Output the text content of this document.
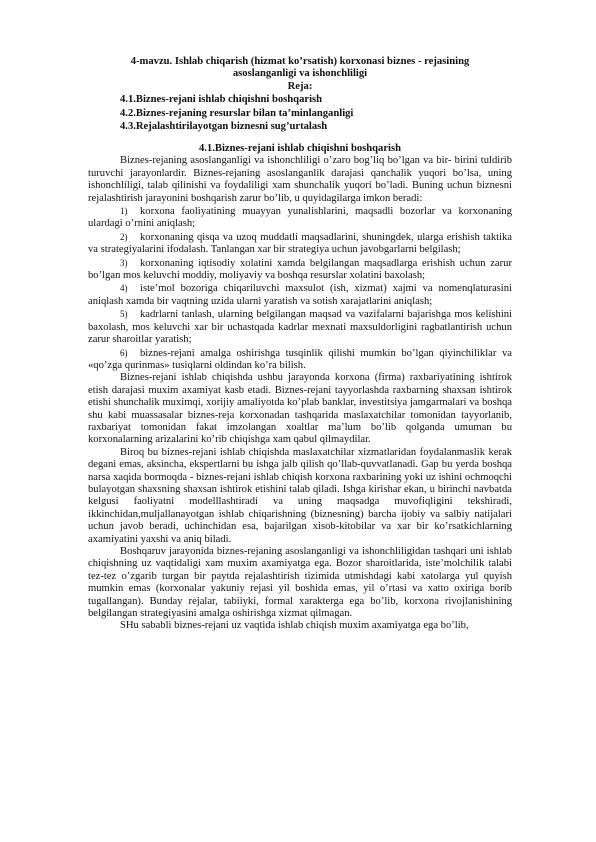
4-mavzu. Ishlab chiqarish (hizmat ko’rsatish) korxonasi biznes - rejasining asoslanganligi va ishonchliligi

Reja:

4.1.Biznes-rejani ishlab chiqishni boshqarish
4.2.Biznes-rejaning resurslar bilan ta’minlanganligi
4.3.Rejalashtirilayotgan biznesni sug’urtalash

4.1.Biznes-rejani ishlab chiqishni boshqarish

Biznes-rejaning asoslanganligi va ishonchliligi o’zaro bog’liq bo’lgan va bir- birini tuldirib turuvchi jarayonlardir. Biznes-rejaning asoslanganlik darajasi qanchalik yuqori bo’lsa, uning ishonchliligi, talab qilinishi va foydaliligi xam shunchalik yuqori bo’ladi. Buning uchun biznesni rejalashtirish jarayonini boshqarish zarur bo’lib, u quyidagilarga imkon beradi:

1) korxona faoliyatining muayyan yunalishlarini, maqsadli bozorlar va korxonaning ulardagi o’rnini aniqlash;

2) korxonaning qisqa va uzoq muddatli maqsadlarini, shuningdek, ularga erishish taktika va strategiyalarini ifodalash. Tanlangan xar bir strategiya uchun javobgarlarni belgilash;

3) korxonaning iqtisodiy xolatini xamda belgilangan maqsadlarga erishish uchun zarur bo’lgan mos keluvchi moddiy, moliyaviy va boshqa resurslar xolatini baxolash;

4) iste’mol bozoriga chiqariluvchi maxsulot (ish, xizmat) xajmi va nomenqlaturasini aniqlash xamda bir vaqtning uzida ularni yaratish va sotish xarajatlarini aniqlash;

5) kadrlarni tanlash, ularning belgilangan maqsad va vazifalarni bajarishga mos kelishini baxolash, mos keluvchi xar bir uchastqada kadrlar mexnati maxsuldorligini ragbatlantirish uchun zarur sharoitlar yaratish;

6) biznes-rejani amalga oshirishga tusqinlik qilishi mumkin bo’lgan qiyinchiliklar va «qo’zga qurinmas» tusiqlarni oldindan ko’ra bilish.

Biznes-rejani ishlab chiqishda ushbu jarayonda korxona (firma) raxbariyatining ishtirok etish darajasi muxim axamiyat kasb etadi. Biznes-rejani tayyorlashda raxbarning shaxsan ishtirok etishi shunchalik muximqi, xorijiy amaliyotda ko’plab banklar, investitsiya jamgarmalari va boshqa shu kabi muassasalar biznes-reja korxonadan tashqarida maslaxatchilar tomonidan tayyorlanib, raxbariyat tomonidan fakat imzolangan xoaltlar ma’lum bo’lib qolganda umuman bu korxonalarning arizalarini ko’rib chiqishga xam qabul qilmaydilar.

Biroq bu biznes-rejani ishlab chiqishda maslaxatchilar xizmatlaridan foydalanmaslik kerak degani emas, aksincha, ekspertlarni bu ishga jalb qilish qo’llab-quvvatlanadi. Gap bu yerda boshqa narsa xaqida bormoqda - biznes-rejani ishlab chiqish korxona raxbarining yoki uz ishini ochmoqchi bulayotgan shaxsning shaxsan ishtirok etishini talab qiladi. Ishga kirishar ekan, u birinchi navbatda kelgusi faoliyatni modelllashtiradi va uning maqsadga muvofiqligini tekshiradi, ikkinchidan,muljallanayotgan ishlab chiqarishning (biznesning) barcha ijobiy va salbiy natijalari uchun javob beradi, uchinchidan esa, bajarilgan xisob-kitobilar va xar bir ko’rsatkichlarning axamiyatini yaxshi va aniq biladi.

Boshqaruv jarayonida biznes-rejaning asoslanganligi va ishonchliligidan tashqari uni ishlab chiqishning uz vaqtidaligi xam muxim axamiyatga ega. Bozor sharoitlarida, iste’molchilik talabi tez-tez o’zgarib turgan bir paytda rejalashtirish tizimida utmishdagi kabi xatolarga yul quyish mumkin emas (korxonalar yakuniy rejasi yil boshida emas, yil o’rtasi va xatto oxiriga borib tugallangan). Bunday rejalar, tabiiyki, formal xarakterga ega bo’lib, korxona rivojlanishining belgilangan strategiyasini amalga oshirishga xizmat qilmagan.

SHu sababli biznes-rejani uz vaqtida ishlab chiqish muxim axamiyatga ega bo’lib,
